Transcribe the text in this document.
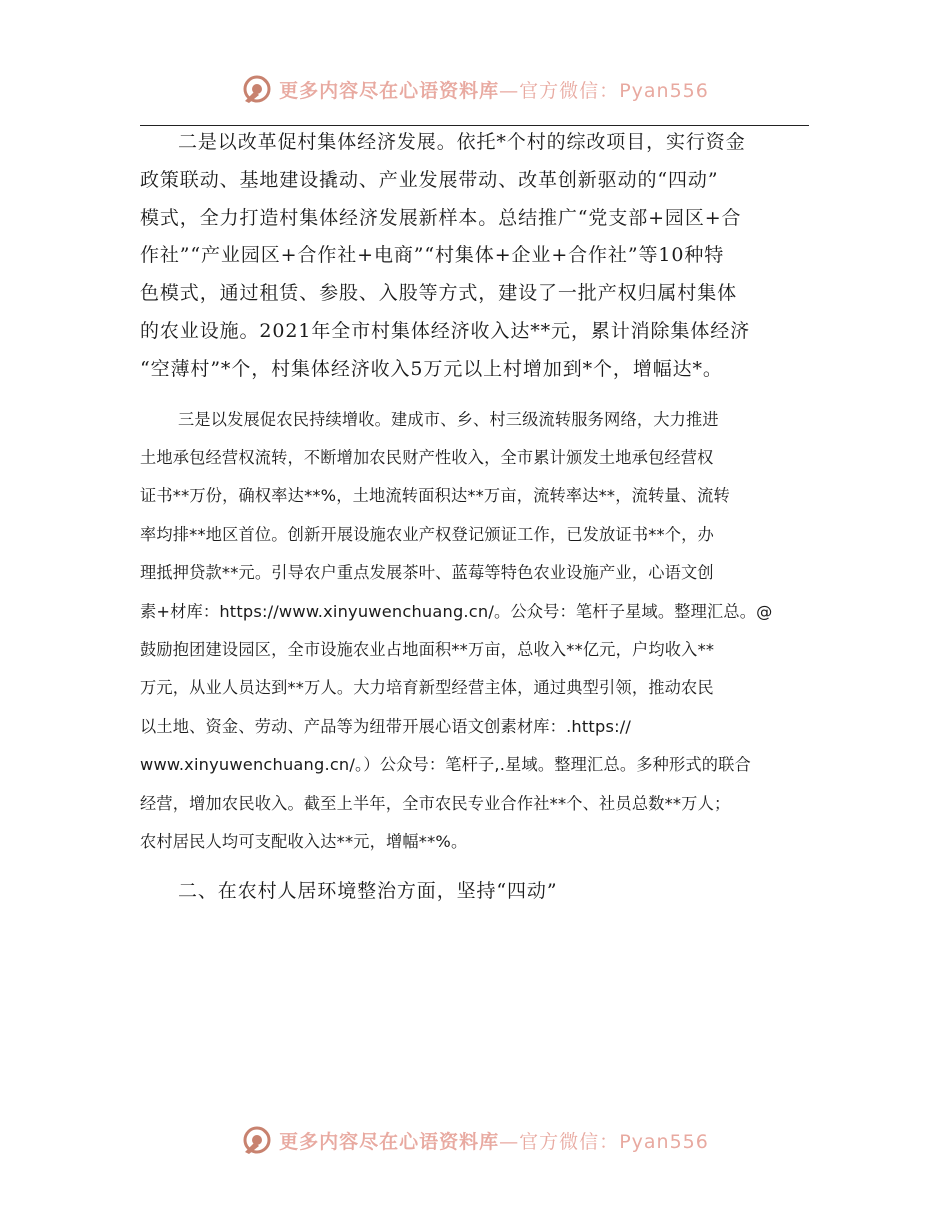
更多内容尽在心语资料库—官方微信：Pyan556

二是以改革促村集体经济发展。依托*个村的综改项目，实行资金
政策联动、基地建设撬动、产业发展带动、改革创新驱动的“四动”
模式，全力打造村集体经济发展新样本。总结推广“党支部+园区+合
作社”“产业园区+合作社+电商”“村集体+企业+合作社”等10种特
色模式，通过租赁、参股、入股等方式，建设了一批产权归属村集体
的农业设施。2021年全市村集体经济收入达**元，累计消除集体经济
“空薄村”*个，村集体经济收入5万元以上村增加到*个，增幅达*。

三是以发展促农民持续增收。建成市、乡、村三级流转服务网络，大力推进
土地承包经营权流转，不断增加农民财产性收入，全市累计颁发土地承包经营权
证书**万份，确权率达**%，土地流转面积达**万亩，流转率达**，流转量、流转
率均排**地区首位。创新开展设施农业产权登记颁证工作，已发放证书**个，办
理抵押贷款**元。引导农户重点发展茶叶、蓝莓等特色农业设施产业，心语文创
素+材库：https://www.xinyuwenchuang.cn/。公众号：笔杆子星域。整理汇总。@
鼓励抱团建设园区，全市设施农业占地面积**万亩，总收入**亿元，户均收入**
万元，从业人员达到**万人。大力培育新型经营主体，通过典型引领，推动农民
以土地、资金、劳动、产品等为纽带开展心语文创素材库：.https://
www.xinyuwenchuang.cn/。）公众号：笔杆子,.星域。整理汇总。多种形式的联合
经营，增加农民收入。截至上半年，全市农民专业合作社**个、社员总数**万人；
农村居民人均可支配收入达**元，增幅**%。

二、在农村人居环境整治方面，坚持“四动”

更多内容尽在心语资料库—官方微信：Pyan556
